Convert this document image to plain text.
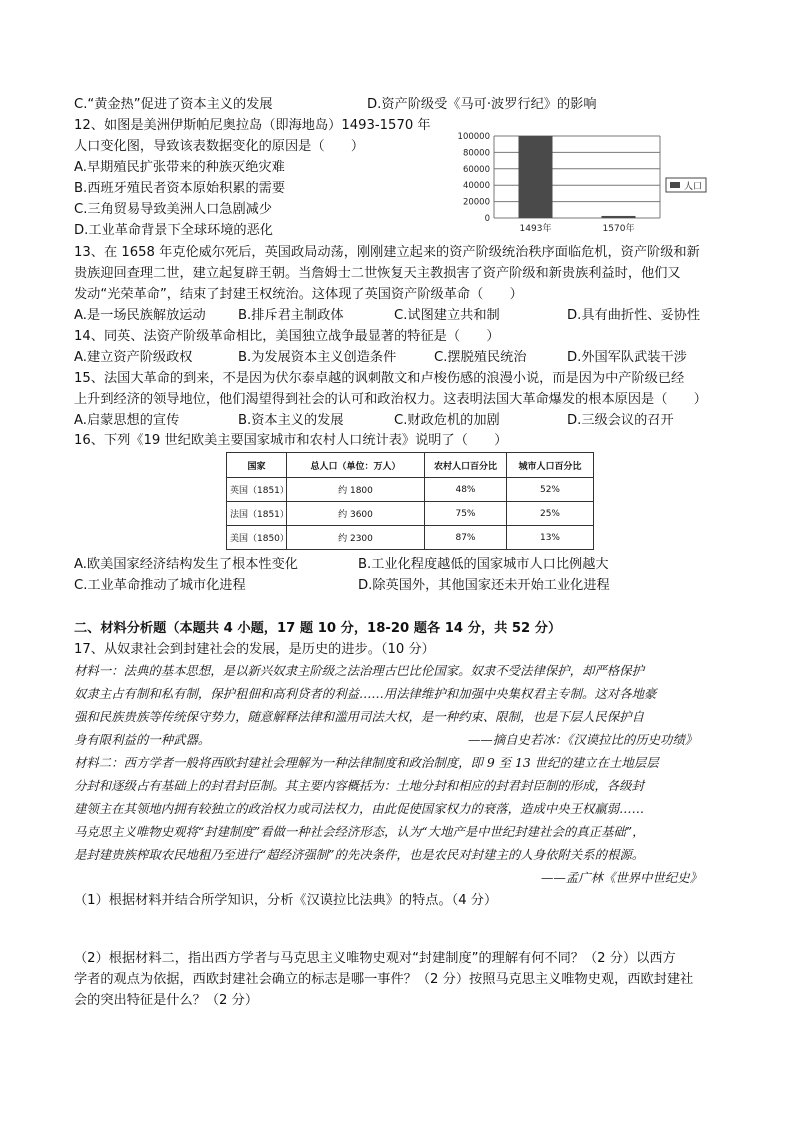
C.“黄金热”促进了资本主义的发展	D.资产阶级受《马可·波罗行纪》的影响
12、如图是美洲伊斯帕尼奥拉岛（即海地岛）1493-1570 年
人口变化图，导致该表数据变化的原因是（　　）
A.早期殖民扩张带来的种族灭绝灾难
B.西班牙殖民者资本原始积累的需要
C.三角贸易导致美洲人口急剧减少
D.工业革命背景下全球环境的恶化
100000
80000
60000
40000
20000
0
1493年	1570年
人口
13、在 1658 年克伦威尔死后，英国政局动荡，刚刚建立起来的资产阶级统治秩序面临危机，资产阶级和新
贵族迎回查理二世，建立起复辟王朝。当詹姆士二世恢复天主教损害了资产阶级和新贵族利益时，他们又
发动“光荣革命”，结束了封建王权统治。这体现了英国资产阶级革命（　　）
A.是一场民族解放运动 B.排斥君主制政体	C.试图建立共和制	D.具有曲折性、妥协性
14、同英、法资产阶级革命相比，美国独立战争最显著的特征是（　　）
A.建立资产阶级政权	B.为发展资本主义创造条件	C.摆脱殖民统治	D.外国军队武装干涉
15、法国大革命的到来，不是因为伏尔泰卓越的讽刺散文和卢梭伤感的浪漫小说，而是因为中产阶级已经
上升到经济的领导地位，他们渴望得到社会的认可和政治权力。这表明法国大革命爆发的根本原因是（　　）
A.启蒙思想的宣传	B.资本主义的发展	C.财政危机的加剧	D.三级会议的召开
16、下列《19 世纪欧美主要国家城市和农村人口统计表》说明了（　　）
国家	总人口（单位：万人）	农村人口百分比	城市人口百分比
英国（1851）	约 1800	48%	52%
法国（1851）	约 3600	75%	25%
美国（1850）	约 2300	87%	13%
A.欧美国家经济结构发生了根本性变化	B.工业化程度越低的国家城市人口比例越大
C.工业革命推动了城市化进程	D.除英国外，其他国家还未开始工业化进程
二、材料分析题（本题共 4 小题，17 题 10 分，18-20 题各 14 分，共 52 分）
17、从奴隶社会到封建社会的发展，是历史的进步。（10 分）
材料一：法典的基本思想，是以新兴奴隶主阶级之法治理古巴比伦国家。奴隶不受法律保护，却严格保护
奴隶主占有制和私有制，保护租佃和高利贷者的利益……用法律维护和加强中央集权君主专制。这对各地豪
强和民族贵族等传统保守势力，随意解释法律和滥用司法大权，是一种约束、限制，也是下层人民保护自
身有限利益的一种武器。	——摘自史若冰：《汉谟拉比的历史功绩》
材料二：西方学者一般将西欧封建社会理解为一种法律制度和政治制度，即 9 至 13 世纪的建立在土地层层
分封和逐级占有基础上的封君封臣制。其主要内容概括为：土地分封和相应的封君封臣制的形成，各级封
建领主在其领地内拥有较独立的政治权力或司法权力，由此促使国家权力的衰落，造成中央王权羸弱……
马克思主义唯物史观将“封建制度”看做一种社会经济形态，认为“大地产是中世纪封建社会的真正基础”，
是封建贵族榨取农民地租乃至进行“超经济强制”的先决条件，也是农民对封建主的人身依附关系的根源。
——孟广林《世界中世纪史》
（1）根据材料并结合所学知识，分析《汉谟拉比法典》的特点。（4 分）
（2）根据材料二，指出西方学者与马克思主义唯物史观对“封建制度”的理解有何不同？（2 分）以西方
学者的观点为依据，西欧封建社会确立的标志是哪一事件？（2 分）按照马克思主义唯物史观，西欧封建社
会的突出特征是什么？（2 分）
